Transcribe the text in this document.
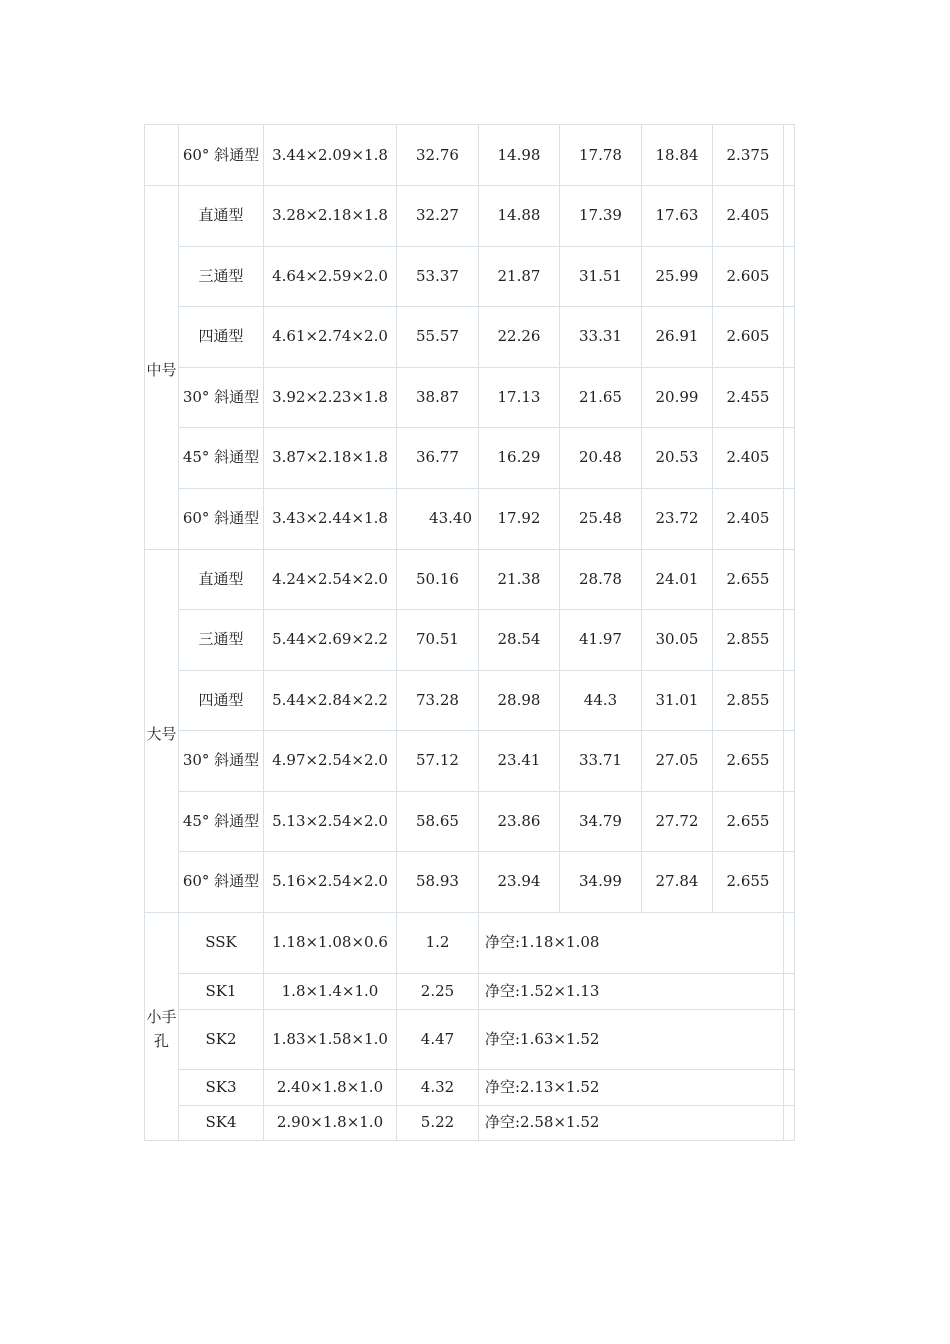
	60° 斜通型	3.44×2.09×1.8	32.76	14.98	17.78	18.84	2.375	
中号	直通型	3.28×2.18×1.8	32.27	14.88	17.39	17.63	2.405	
	三通型	4.64×2.59×2.0	53.37	21.87	31.51	25.99	2.605	
	四通型	4.61×2.74×2.0	55.57	22.26	33.31	26.91	2.605	
	30° 斜通型	3.92×2.23×1.8	38.87	17.13	21.65	20.99	2.455	
	45° 斜通型	3.87×2.18×1.8	36.77	16.29	20.48	20.53	2.405	
	60° 斜通型	3.43×2.44×1.8	43.40	17.92	25.48	23.72	2.405	
大号	直通型	4.24×2.54×2.0	50.16	21.38	28.78	24.01	2.655	
	三通型	5.44×2.69×2.2	70.51	28.54	41.97	30.05	2.855	
	四通型	5.44×2.84×2.2	73.28	28.98	44.3	31.01	2.855	
	30° 斜通型	4.97×2.54×2.0	57.12	23.41	33.71	27.05	2.655	
	45° 斜通型	5.13×2.54×2.0	58.65	23.86	34.79	27.72	2.655	
	60° 斜通型	5.16×2.54×2.0	58.93	23.94	34.99	27.84	2.655	
小手孔	SSK	1.18×1.08×0.6	1.2	净空:1.18×1.08				
	SK1	1.8×1.4×1.0	2.25	净空:1.52×1.13				
	SK2	1.83×1.58×1.0	4.47	净空:1.63×1.52				
	SK3	2.40×1.8×1.0	4.32	净空:2.13×1.52				
	SK4	2.90×1.8×1.0	5.22	净空:2.58×1.52				
